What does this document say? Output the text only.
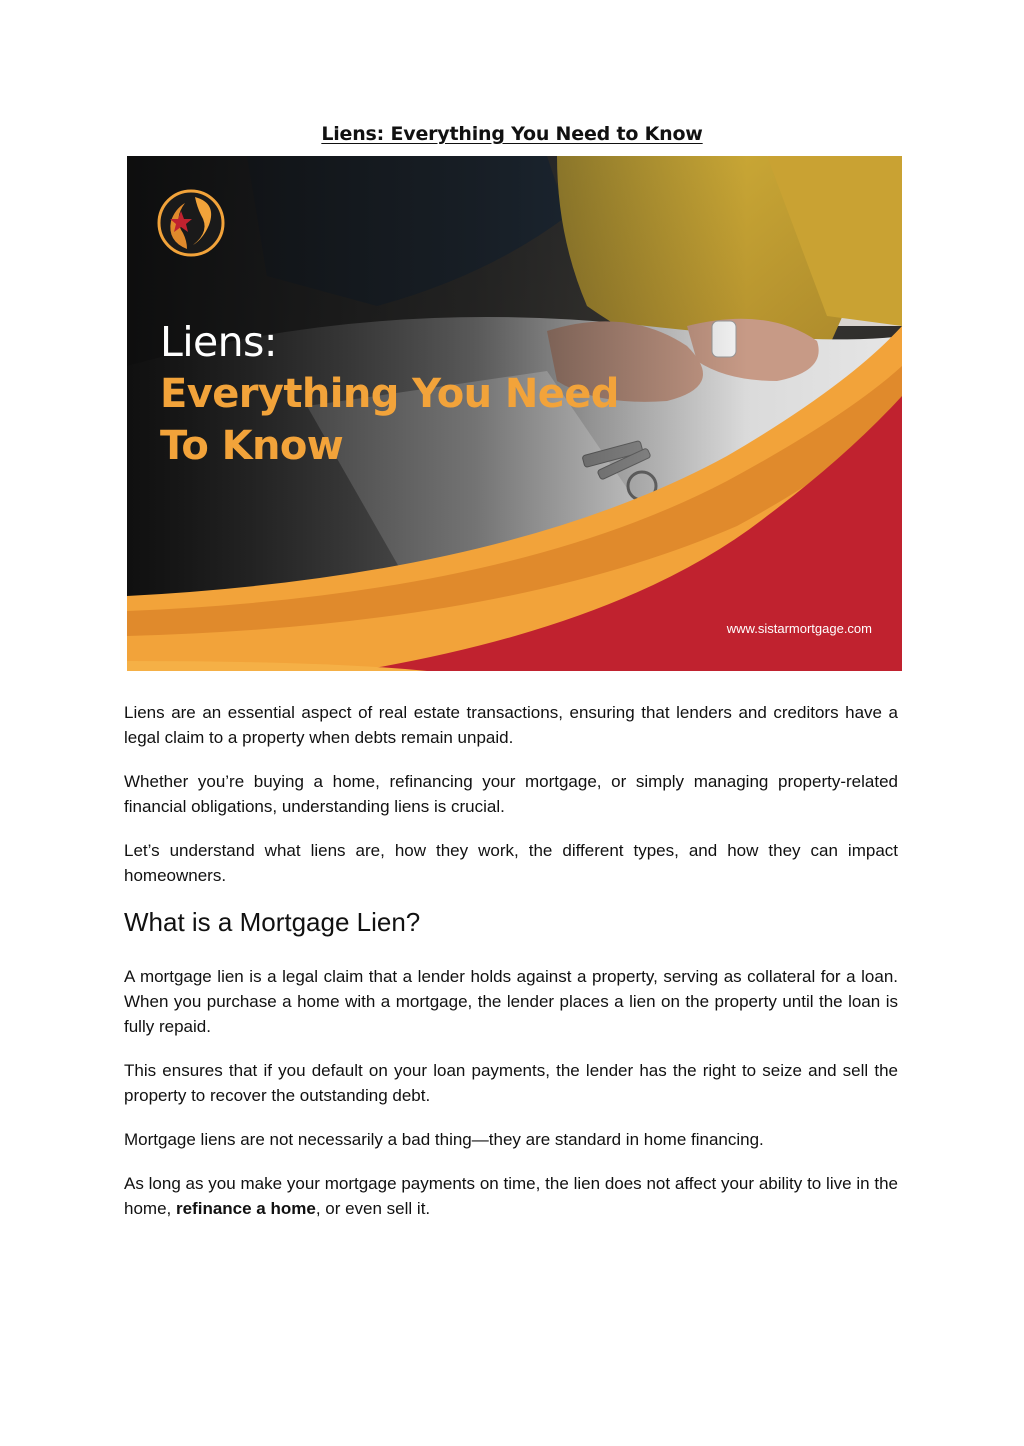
Liens: Everything You Need to Know
Liens:
Everything You Need
To Know
www.sistarmortgage.com

Liens are an essential aspect of real estate transactions, ensuring that lenders and creditors have a legal claim to a property when debts remain unpaid.

Whether you’re buying a home, refinancing your mortgage, or simply managing property-related financial obligations, understanding liens is crucial.

Let’s understand what liens are, how they work, the different types, and how they can impact homeowners.

What is a Mortgage Lien?

A mortgage lien is a legal claim that a lender holds against a property, serving as collateral for a loan. When you purchase a home with a mortgage, the lender places a lien on the property until the loan is fully repaid.

This ensures that if you default on your loan payments, the lender has the right to seize and sell the property to recover the outstanding debt.

Mortgage liens are not necessarily a bad thing—they are standard in home financing.

As long as you make your mortgage payments on time, the lien does not affect your ability to live in the home, refinance a home, or even sell it.
